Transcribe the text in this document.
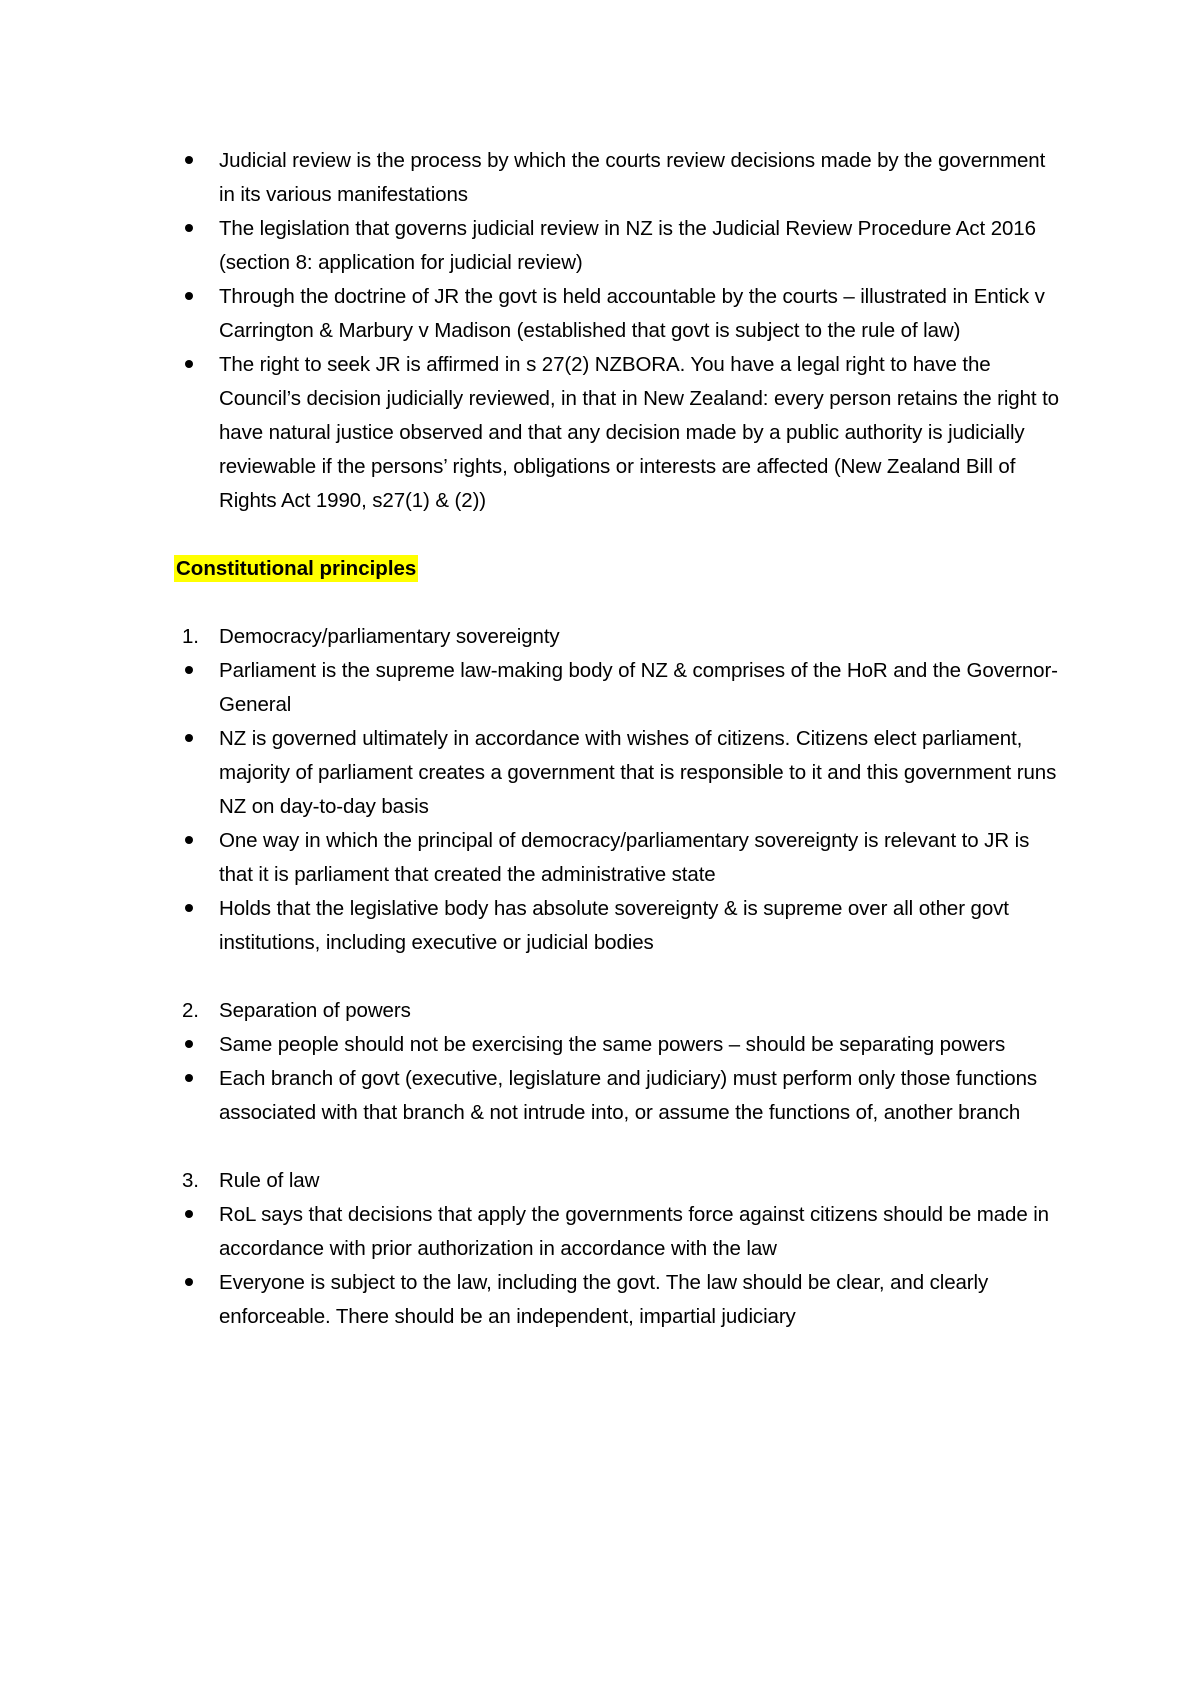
Judicial review is the process by which the courts review decisions made by the government in its various manifestations
The legislation that governs judicial review in NZ is the Judicial Review Procedure Act 2016 (section 8: application for judicial review)
Through the doctrine of JR the govt is held accountable by the courts – illustrated in Entick v Carrington & Marbury v Madison (established that govt is subject to the rule of law)
The right to seek JR is affirmed in s 27(2) NZBORA. You have a legal right to have the Council’s decision judicially reviewed, in that in New Zealand: every person retains the right to have natural justice observed and that any decision made by a public authority is judicially reviewable if the persons’ rights, obligations or interests are affected (New Zealand Bill of Rights Act 1990, s27(1) & (2))
Constitutional principles
1. Democracy/parliamentary sovereignty
Parliament is the supreme law-making body of NZ & comprises of the HoR and the Governor-General
NZ is governed ultimately in accordance with wishes of citizens. Citizens elect parliament, majority of parliament creates a government that is responsible to it and this government runs NZ on day-to-day basis
One way in which the principal of democracy/parliamentary sovereignty is relevant to JR is that it is parliament that created the administrative state
Holds that the legislative body has absolute sovereignty & is supreme over all other govt institutions, including executive or judicial bodies
2. Separation of powers
Same people should not be exercising the same powers – should be separating powers
Each branch of govt (executive, legislature and judiciary) must perform only those functions associated with that branch & not intrude into, or assume the functions of, another branch
3. Rule of law
RoL says that decisions that apply the governments force against citizens should be made in accordance with prior authorization in accordance with the law
Everyone is subject to the law, including the govt. The law should be clear, and clearly enforceable. There should be an independent, impartial judiciary
